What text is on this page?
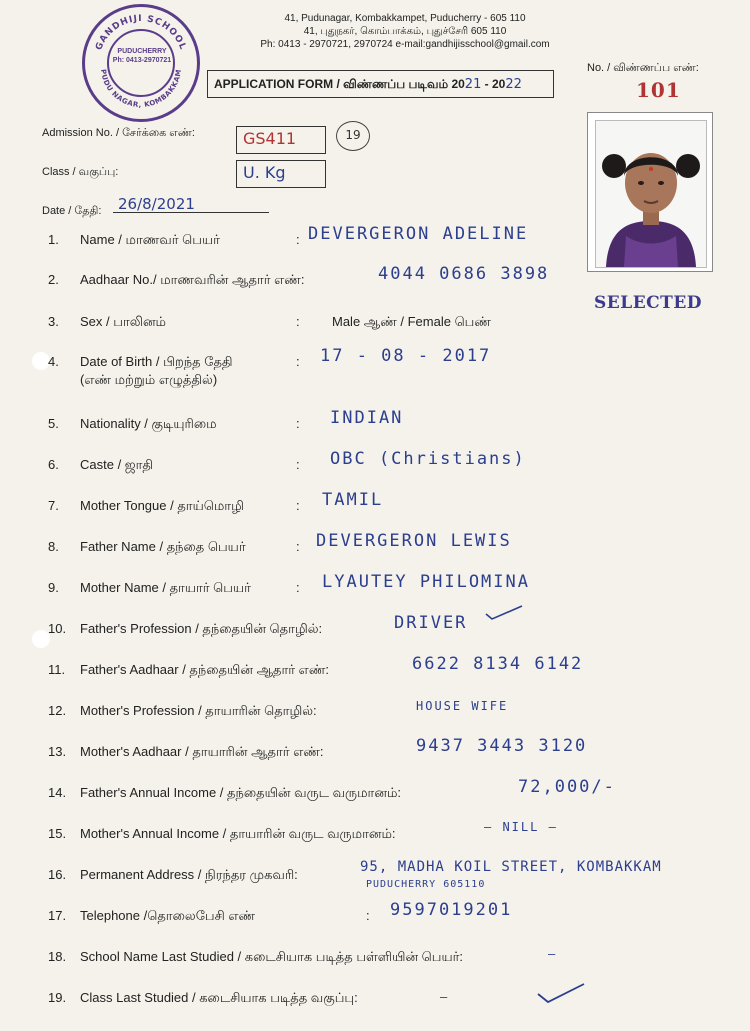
41, Pudunagar, Kombakkampet, Puducherry - 605 110
41, புதுநகர், கொம்பாக்கம், புதுச்சேரி 605 110
Ph: 0413 - 2970721, 2970724 e-mail:gandhijisschool@gmail.com
GANDHIJI SCHOOL
PUDU NAGAR, KOMBAKKAM
PUDUCHERRY
Ph: 0413-2970721
APPLICATION FORM / விண்ணப்ப படிவம் 2021 - 2022
No. / விண்ணப்ப எண்:
101
SELECTED
Admission No. / சேர்க்கை எண்:	GS411	19
Class / வகுப்பு:	U. Kg
Date / தேதி: 26/8/2021
1. Name / மாணவர் பெயர்	: DEVERGERON ADELINE
2. Aadhaar No./ மாணவரின் ஆதார் எண்:	4044 0686 3898
3. Sex / பாலினம்	: Male ஆண் / Female பெண்
4. Date of Birth / பிறந்த தேதி
(எண் மற்றும் எழுத்தில்)
: 17 - 08 - 2017
5. Nationality / குடியுரிமை	: INDIAN
6. Caste / ஜாதி	: OBC (Christians)
7. Mother Tongue / தாய்மொழி	: TAMIL
8. Father Name / தந்தை பெயர்	: DEVERGERON LEWIS
9. Mother Name / தாயார் பெயர்	: LYAUTEY PHILOMINA
10. Father's Profession / தந்தையின் தொழில்:	DRIVER
11. Father's Aadhaar / தந்தையின் ஆதார் எண்:	6622 8134 6142
12. Mother's Profession / தாயாரின் தொழில்:	HOUSE WIFE
13. Mother's Aadhaar / தாயாரின் ஆதார் எண்:	9437 3443 3120
14. Father's Annual Income / தந்தையின் வருட வருமானம்:	72,000/-
15. Mother's Annual Income / தாயாரின் வருட வருமானம்:	— NILL —
16. Permanent Address / நிரந்தர முகவரி:	95, MADHA KOIL STREET, KOMBAKKAM
PUDUCHERRY 605110
17. Telephone /தொலைபேசி எண்	: 9597019201
18. School Name Last Studied / கடைசியாக படித்த பள்ளியின் பெயர்:	–
19. Class Last Studied / கடைசியாக படித்த வகுப்பு:	–
